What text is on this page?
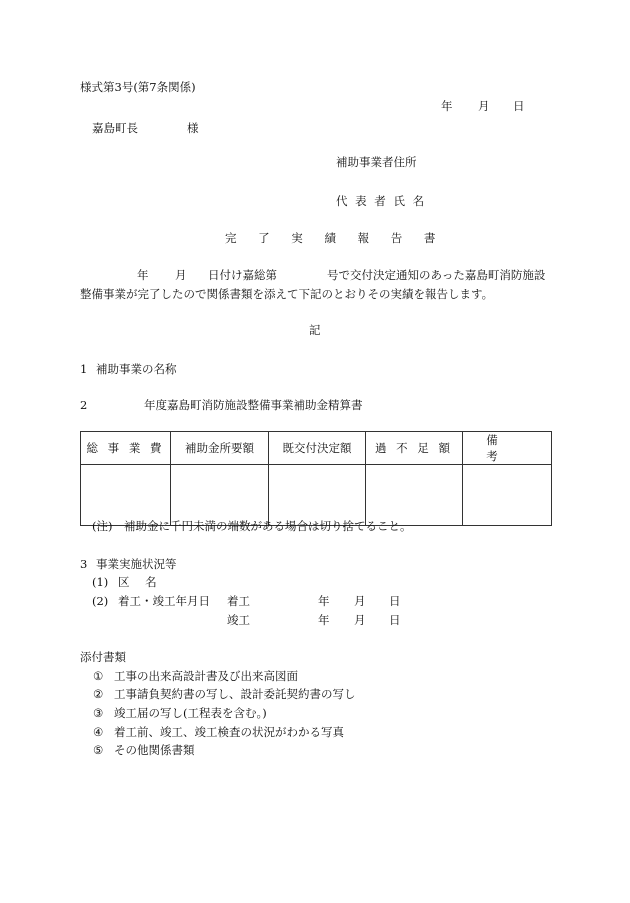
様式第3号(第7条関係)
年 月 日
嘉島町長	様
補助事業者住所
代 表 者 氏 名
完 了 実 績 報 告 書
年 月 日付け嘉総第	号で交付決定通知のあった嘉島町消防施設
整備事業が完了したので関係書類を添えて下記のとおりその実績を報告します。
記
1 補助事業の名称
2	年度嘉島町消防施設整備事業補助金精算書
総 事 業 費	補助金所要額	既交付決定額	過 不 足 額	備 考

(注)　補助金に千円未満の端数がある場合は切り捨てること。
3 事業実施状況等
(1) 区 名
(2) 着工・竣工年月日 着工	年 月 日
竣工	年 月 日
添付書類
① 工事の出来高設計書及び出来高図面
② 工事請負契約書の写し、設計委託契約書の写し
③ 竣工届の写し(工程表を含む。)
④ 着工前、竣工、竣工検査の状況がわかる写真
⑤ その他関係書類
